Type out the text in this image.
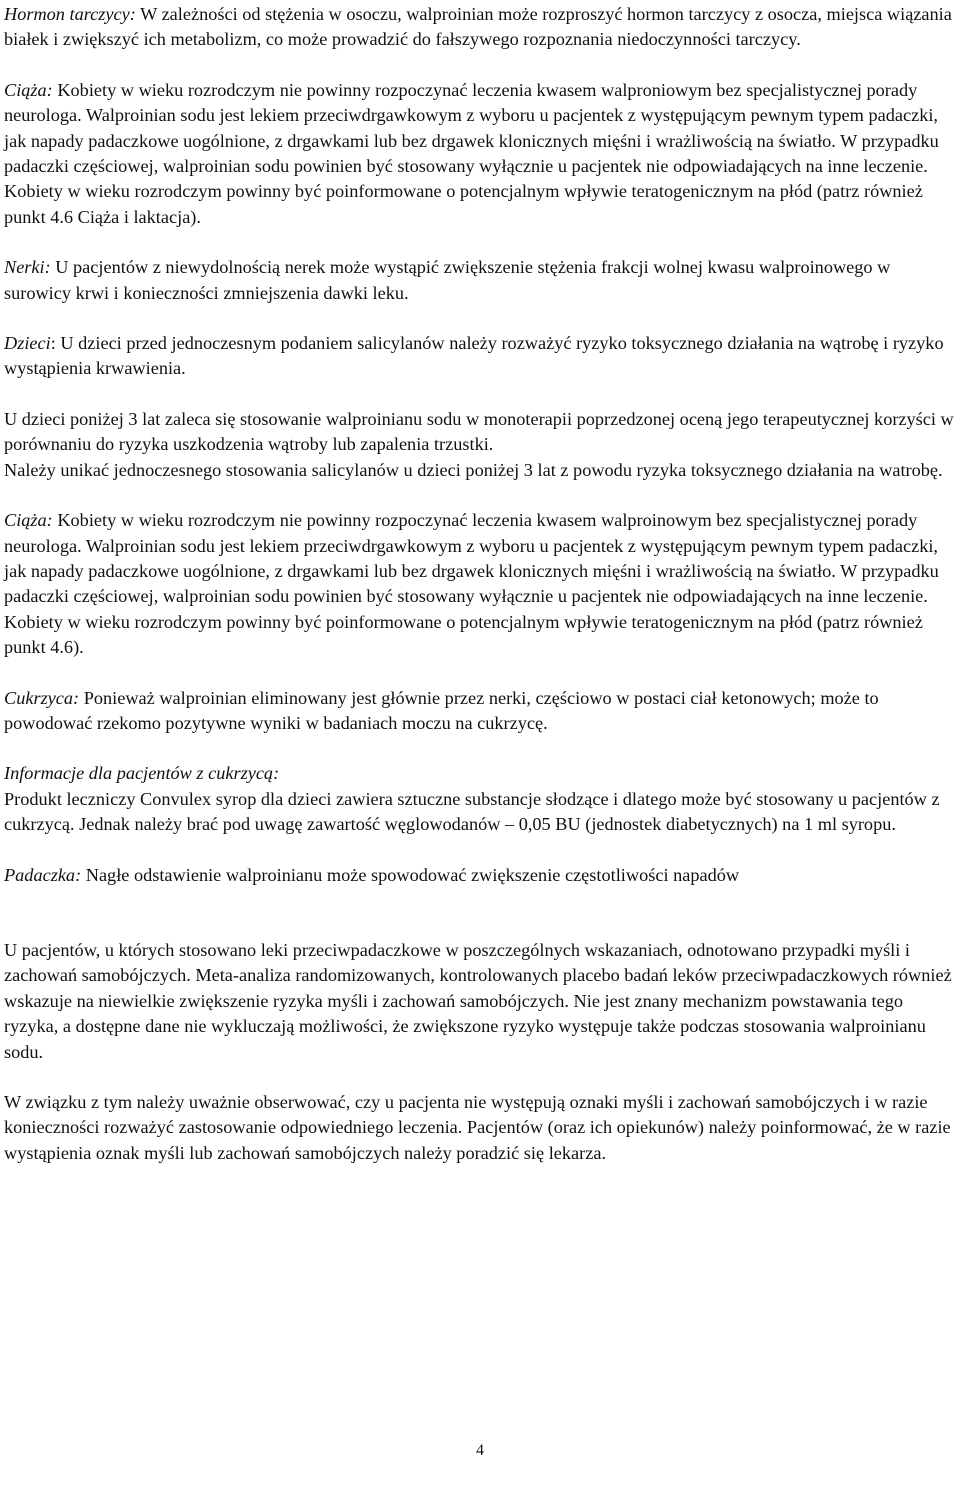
Hormon tarczycy: W zależności od stężenia w osoczu, walproinian może rozproszyć hormon tarczycy z osocza, miejsca wiązania białek i zwiększyć ich metabolizm, co może prowadzić do fałszywego rozpoznania niedoczynności tarczycy.

Ciąża: Kobiety w wieku rozrodczym nie powinny rozpoczynać leczenia kwasem walproniowym bez specjalistycznej porady neurologa. Walproinian sodu jest lekiem przeciwdrgawkowym z wyboru u pacjentek z występującym pewnym typem padaczki, jak napady padaczkowe uogólnione, z drgawkami lub bez drgawek klonicznych mięśni i wrażliwością na światło. W przypadku padaczki częściowej, walproinian sodu powinien być stosowany wyłącznie u pacjentek nie odpowiadających na inne leczenie. Kobiety w wieku rozrodczym powinny być poinformowane o potencjalnym wpływie teratogenicznym na płód (patrz również punkt 4.6 Ciąża i laktacja).

Nerki: U pacjentów z niewydolnością nerek może wystąpić zwiększenie stężenia frakcji wolnej kwasu walproinowego w surowicy krwi i konieczności zmniejszenia dawki leku.

Dzieci: U dzieci przed jednoczesnym podaniem salicylanów należy rozważyć ryzyko toksycznego działania na wątrobę i ryzyko wystąpienia krwawienia.

U dzieci poniżej 3 lat zaleca się stosowanie walproinianu sodu w monoterapii poprzedzonej oceną jego terapeutycznej korzyści w porównaniu do ryzyka uszkodzenia wątroby lub zapalenia trzustki.

Należy unikać jednoczesnego stosowania salicylanów u dzieci poniżej 3 lat z powodu ryzyka toksycznego działania na watrobę.

Ciąża: Kobiety w wieku rozrodczym nie powinny rozpoczynać leczenia kwasem walproinowym bez specjalistycznej porady neurologa. Walproinian sodu jest lekiem przeciwdrgawkowym z wyboru u pacjentek z występującym pewnym typem padaczki, jak napady padaczkowe uogólnione, z drgawkami lub bez drgawek klonicznych mięśni i wrażliwością na światło. W przypadku padaczki częściowej, walproinian sodu powinien być stosowany wyłącznie u pacjentek nie odpowiadających na inne leczenie. Kobiety w wieku rozrodczym powinny być poinformowane o potencjalnym wpływie teratogenicznym na płód (patrz również punkt 4.6).

Cukrzyca: Ponieważ walproinian eliminowany jest głównie przez nerki, częściowo w postaci ciał ketonowych; może to powodować rzekomo pozytywne wyniki w badaniach moczu na cukrzycę.

Informacje dla pacjentów z cukrzycą:

Produkt leczniczy Convulex syrop dla dzieci zawiera sztuczne substancje słodzące i dlatego może być stosowany u pacjentów z cukrzycą. Jednak należy brać pod uwagę zawartość węglowodanów – 0,05 BU (jednostek diabetycznych) na 1 ml syropu.

Padaczka: Nagłe odstawienie walproinianu może spowodować zwiększenie częstotliwości napadów

U pacjentów, u których stosowano leki przeciwpadaczkowe w poszczególnych wskazaniach, odnotowano przypadki myśli i zachowań samobójczych. Meta-analiza randomizowanych, kontrolowanych placebo badań leków przeciwpadaczkowych również wskazuje na niewielkie zwiększenie ryzyka myśli i zachowań samobójczych. Nie jest znany mechanizm powstawania tego ryzyka, a dostępne dane nie wykluczają możliwości, że zwiększone ryzyko występuje także podczas stosowania walproinianu sodu.

W związku z tym należy uważnie obserwować, czy u pacjenta nie występują oznaki myśli i zachowań samobójczych i w razie konieczności rozważyć zastosowanie odpowiedniego leczenia. Pacjentów (oraz ich opiekunów) należy poinformować, że w razie wystąpienia oznak myśli lub zachowań samobójczych należy poradzić się lekarza.

4
